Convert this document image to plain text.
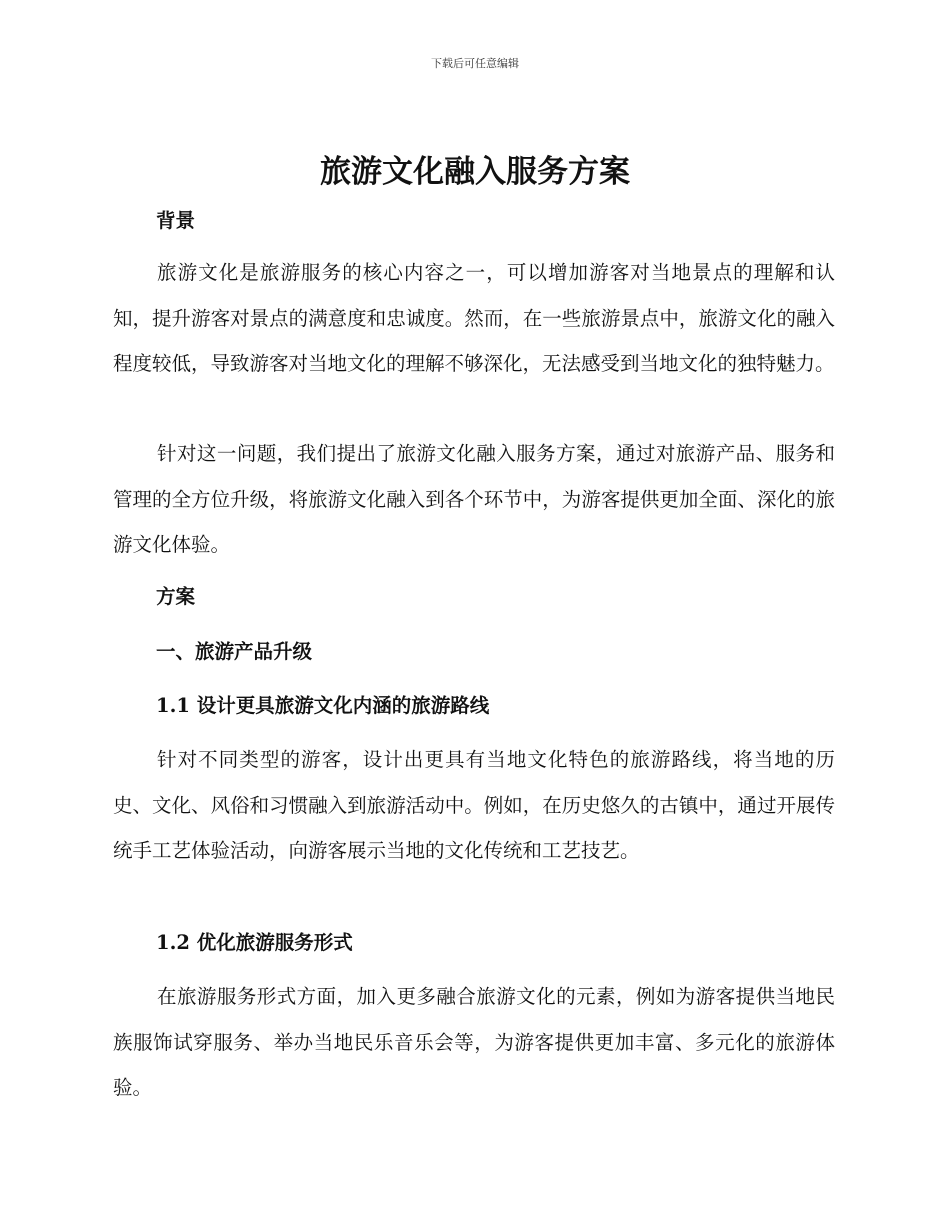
下载后可任意编辑
旅游文化融入服务方案
背景

旅游文化是旅游服务的核心内容之一，可以增加游客对当地景点的理解和认知，提升游客对景点的满意度和忠诚度。然而，在一些旅游景点中，旅游文化的融入程度较低，导致游客对当地文化的理解不够深化，无法感受到当地文化的独特魅力。

针对这一问题，我们提出了旅游文化融入服务方案，通过对旅游产品、服务和管理的全方位升级，将旅游文化融入到各个环节中，为游客提供更加全面、深化的旅游文化体验。

方案
一、旅游产品升级
1.1 设计更具旅游文化内涵的旅游路线

针对不同类型的游客，设计出更具有当地文化特色的旅游路线，将当地的历史、文化、风俗和习惯融入到旅游活动中。例如，在历史悠久的古镇中，通过开展传统手工艺体验活动，向游客展示当地的文化传统和工艺技艺。

1.2 优化旅游服务形式

在旅游服务形式方面，加入更多融合旅游文化的元素，例如为游客提供当地民族服饰试穿服务、举办当地民乐音乐会等，为游客提供更加丰富、多元化的旅游体验。
